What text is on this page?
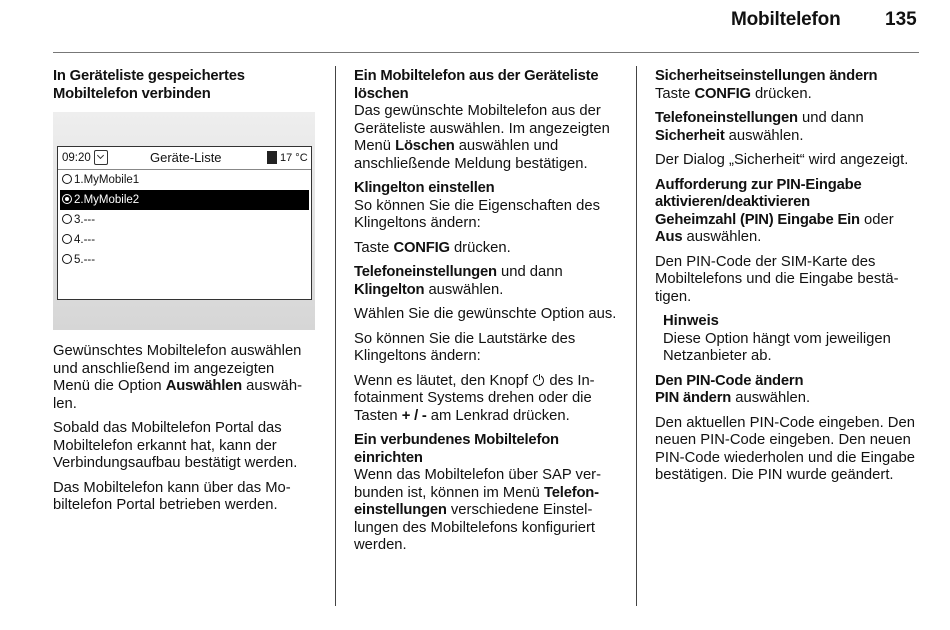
Mobiltelefon 135

In Geräteliste gespeichertes Mobiltelefon verbinden

09:20	Geräte-Liste	17 °C
1.MyMobile1
2.MyMobile2
3.---
4.---
5.---

Gewünschtes Mobiltelefon auswählen und anschließend im angezeigten Menü die Option Auswählen auswählen.

Sobald das Mobiltelefon Portal das Mobiltelefon erkannt hat, kann der Verbindungsaufbau bestätigt werden.

Das Mobiltelefon kann über das Mobiltelefon Portal betrieben werden.

Ein Mobiltelefon aus der Geräteliste löschen

Das gewünschte Mobiltelefon aus der Geräteliste auswählen. Im angezeigten Menü Löschen auswählen und anschließende Meldung bestätigen.

Klingelton einstellen

So können Sie die Eigenschaften des Klingeltons ändern:

Taste CONFIG drücken.

Telefoneinstellungen und dann Klingelton auswählen.

Wählen Sie die gewünschte Option aus.

So können Sie die Lautstärke des Klingeltons ändern:

Wenn es läutet, den Knopf  des Infotainment Systems drehen oder die Tasten + / - am Lenkrad drücken.

Ein verbundenes Mobiltelefon einrichten

Wenn das Mobiltelefon über SAP verbunden ist, können im Menü Telefoneinstellungen verschiedene Einstellungen des Mobiltelefons konfiguriert werden.

Sicherheitseinstellungen ändern

Taste CONFIG drücken.

Telefoneinstellungen und dann Sicherheit auswählen.

Der Dialog „Sicherheit“ wird angezeigt.

Aufforderung zur PIN-Eingabe aktivieren/deaktivieren

Geheimzahl (PIN) Eingabe Ein oder Aus auswählen.

Den PIN-Code der SIM-Karte des Mobiltelefons und die Eingabe bestätigen.

Hinweis
Diese Option hängt vom jeweiligen Netzanbieter ab.

Den PIN-Code ändern

PIN ändern auswählen.

Den aktuellen PIN-Code eingeben. Den neuen PIN-Code eingeben. Den neuen PIN-Code wiederholen und die Eingabe bestätigen. Die PIN wurde geändert.
